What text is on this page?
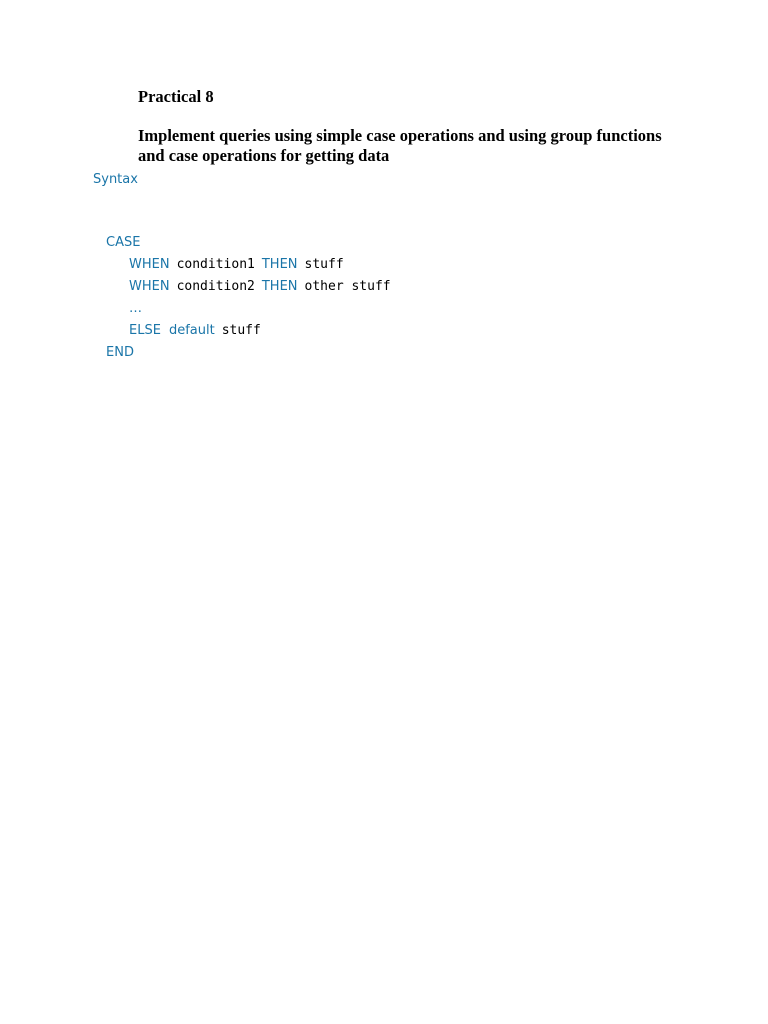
Practical 8
Implement queries using simple case operations and using group functions and case operations for getting data
Syntax

CASE

WHEN condition1 THEN stuff

WHEN condition2 THEN other stuff

…

ELSE default stuff

END
